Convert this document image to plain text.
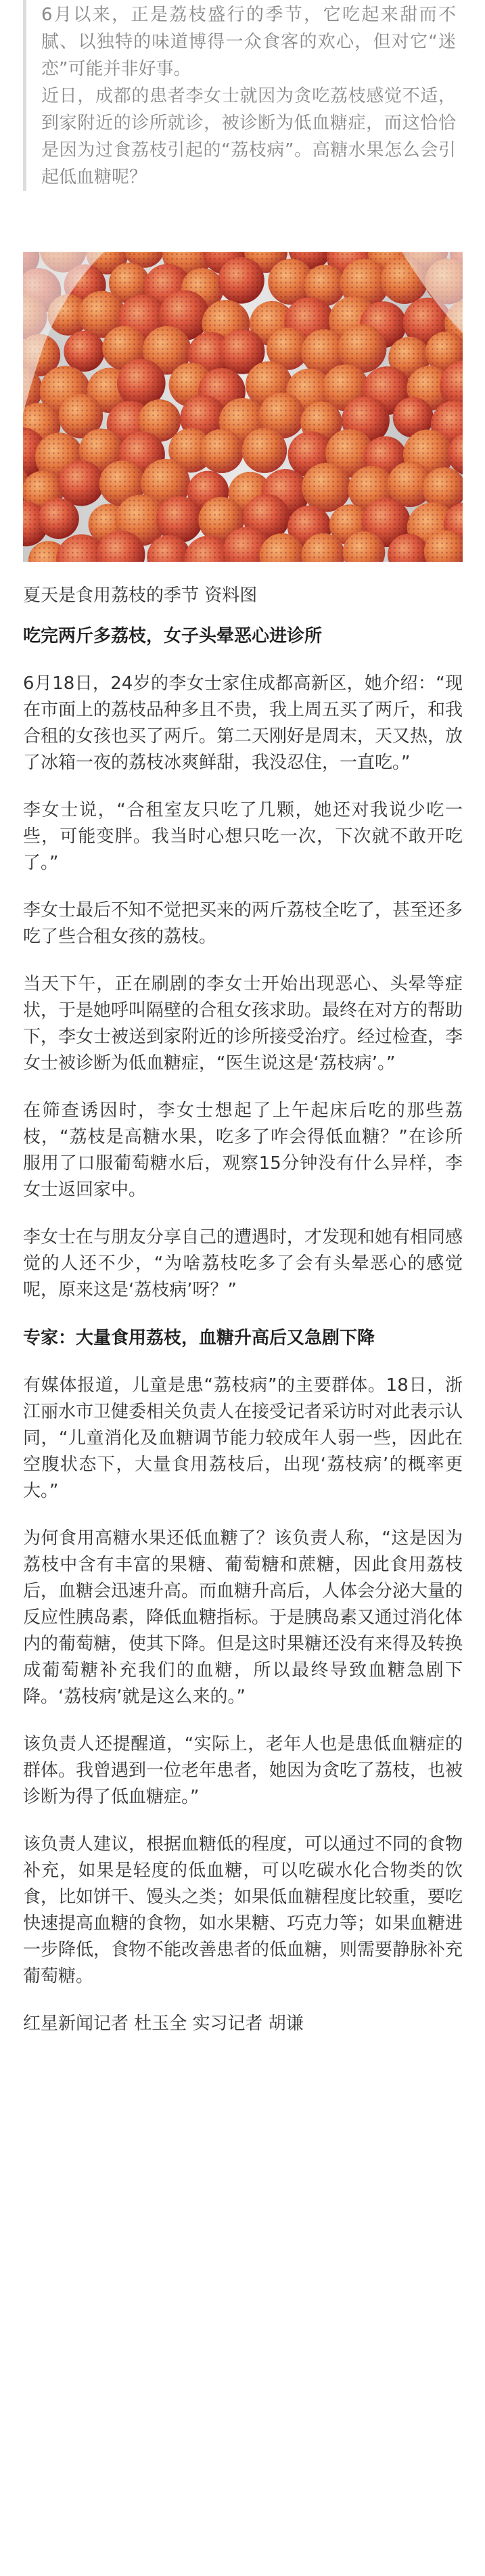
6月以来，正是荔枝盛行的季节，它吃起来甜而不腻、以独特的味道博得一众食客的欢心，但对它“迷恋”可能并非好事。

近日，成都的患者李女士就因为贪吃荔枝感觉不适，到家附近的诊所就诊，被诊断为低血糖症，而这恰恰是因为过食荔枝引起的“荔枝病”。高糖水果怎么会引起低血糖呢？

夏天是食用荔枝的季节 资料图
吃完两斤多荔枝，女子头晕恶心进诊所

6月18日，24岁的李女士家住成都高新区，她介绍：“现在市面上的荔枝品种多且不贵，我上周五买了两斤，和我合租的女孩也买了两斤。第二天刚好是周末，天又热，放了冰箱一夜的荔枝冰爽鲜甜，我没忍住，一直吃。”

李女士说，“合租室友只吃了几颗，她还对我说少吃一些，可能变胖。我当时心想只吃一次，下次就不敢开吃了。”

李女士最后不知不觉把买来的两斤荔枝全吃了，甚至还多吃了些合租女孩的荔枝。

当天下午，正在刷剧的李女士开始出现恶心、头晕等症状，于是她呼叫隔壁的合租女孩求助。最终在对方的帮助下，李女士被送到家附近的诊所接受治疗。经过检查，李女士被诊断为低血糖症，“医生说这是‘荔枝病’。”

在筛查诱因时，李女士想起了上午起床后吃的那些荔枝，“荔枝是高糖水果，吃多了咋会得低血糖？”在诊所服用了口服葡萄糖水后，观察15分钟没有什么异样，李女士返回家中。

李女士在与朋友分享自己的遭遇时，才发现和她有相同感觉的人还不少，“为啥荔枝吃多了会有头晕恶心的感觉呢，原来这是‘荔枝病’呀？”

专家：大量食用荔枝，血糖升高后又急剧下降

有媒体报道，儿童是患“荔枝病”的主要群体。18日，浙江丽水市卫健委相关负责人在接受记者采访时对此表示认同，“儿童消化及血糖调节能力较成年人弱一些，因此在空腹状态下，大量食用荔枝后，出现‘荔枝病’的概率更大。”

为何食用高糖水果还低血糖了？该负责人称，“这是因为荔枝中含有丰富的果糖、葡萄糖和蔗糖，因此食用荔枝后，血糖会迅速升高。而血糖升高后，人体会分泌大量的反应性胰岛素，降低血糖指标。于是胰岛素又通过消化体内的葡萄糖，使其下降。但是这时果糖还没有来得及转换成葡萄糖补充我们的血糖，所以最终导致血糖急剧下降。‘荔枝病’就是这么来的。”

该负责人还提醒道，“实际上，老年人也是患低血糖症的群体。我曾遇到一位老年患者，她因为贪吃了荔枝，也被诊断为得了低血糖症。”

该负责人建议，根据血糖低的程度，可以通过不同的食物补充，如果是轻度的低血糖，可以吃碳水化合物类的饮食，比如饼干、馒头之类；如果低血糖程度比较重，要吃快速提高血糖的食物，如水果糖、巧克力等；如果血糖进一步降低，食物不能改善患者的低血糖，则需要静脉补充葡萄糖。

红星新闻记者 杜玉全 实习记者 胡谦
